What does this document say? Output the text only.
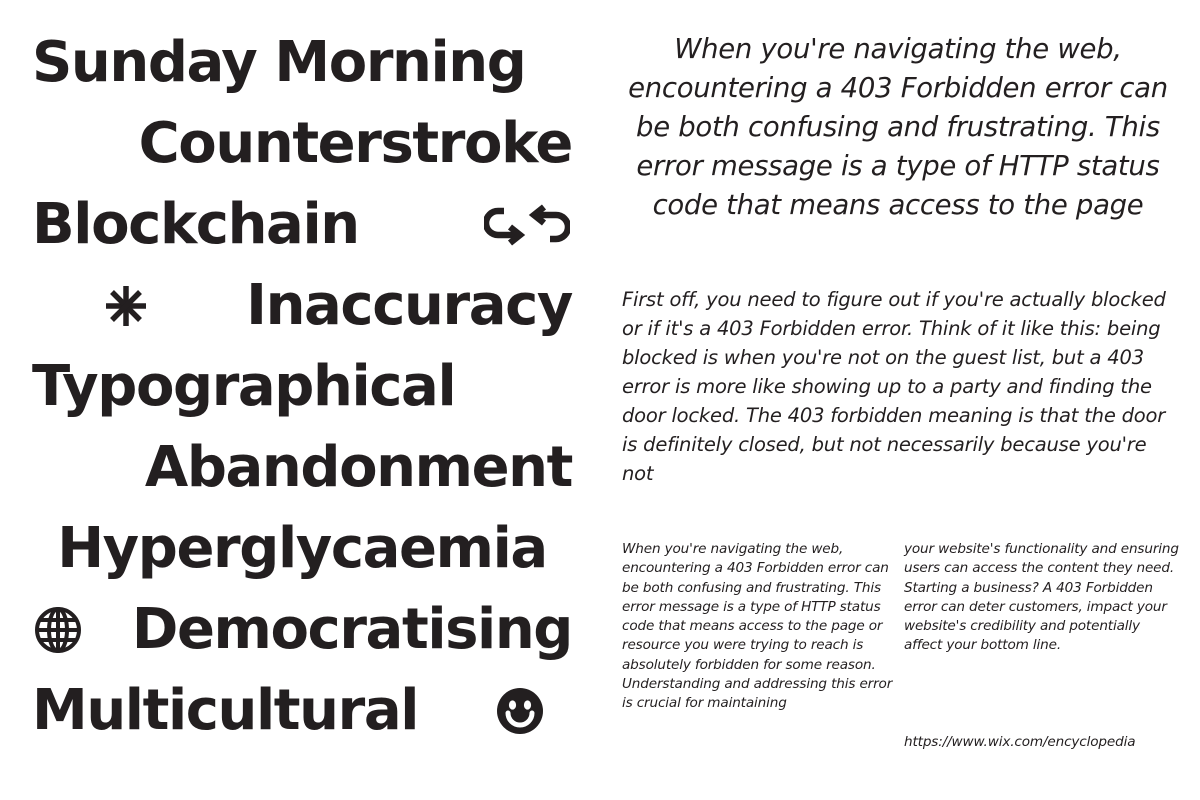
Sunday Morning
Counterstroke
Blockchain
Inaccuracy
Typographical
Abandonment
Hyperglycaemia
Democratising
Multicultural

When you're navigating the web, encountering a 403 Forbidden error can be both confusing and frustrating. This error message is a type of HTTP status code that means access to the page

First off, you need to figure out if you're actually blocked or if it's a 403 Forbidden error. Think of it like this: being blocked is when you're not on the guest list, but a 403 error is more like showing up to a party and finding the door locked. The 403 forbidden meaning is that the door is definitely closed, but not necessarily because you're not

When you're navigating the web, encountering a 403 Forbidden error can be both confusing and frustrating. This error message is a type of HTTP status code that means access to the page or resource you were trying to reach is absolutely forbidden for some reason.
Understanding and addressing this error is crucial for maintaining

your website's functionality and ensuring users can access the content they need. Starting a business? A 403 Forbidden error can deter customers, impact your website's credibility and potentially affect your bottom line.

https://www.wix.com/encyclopedia
